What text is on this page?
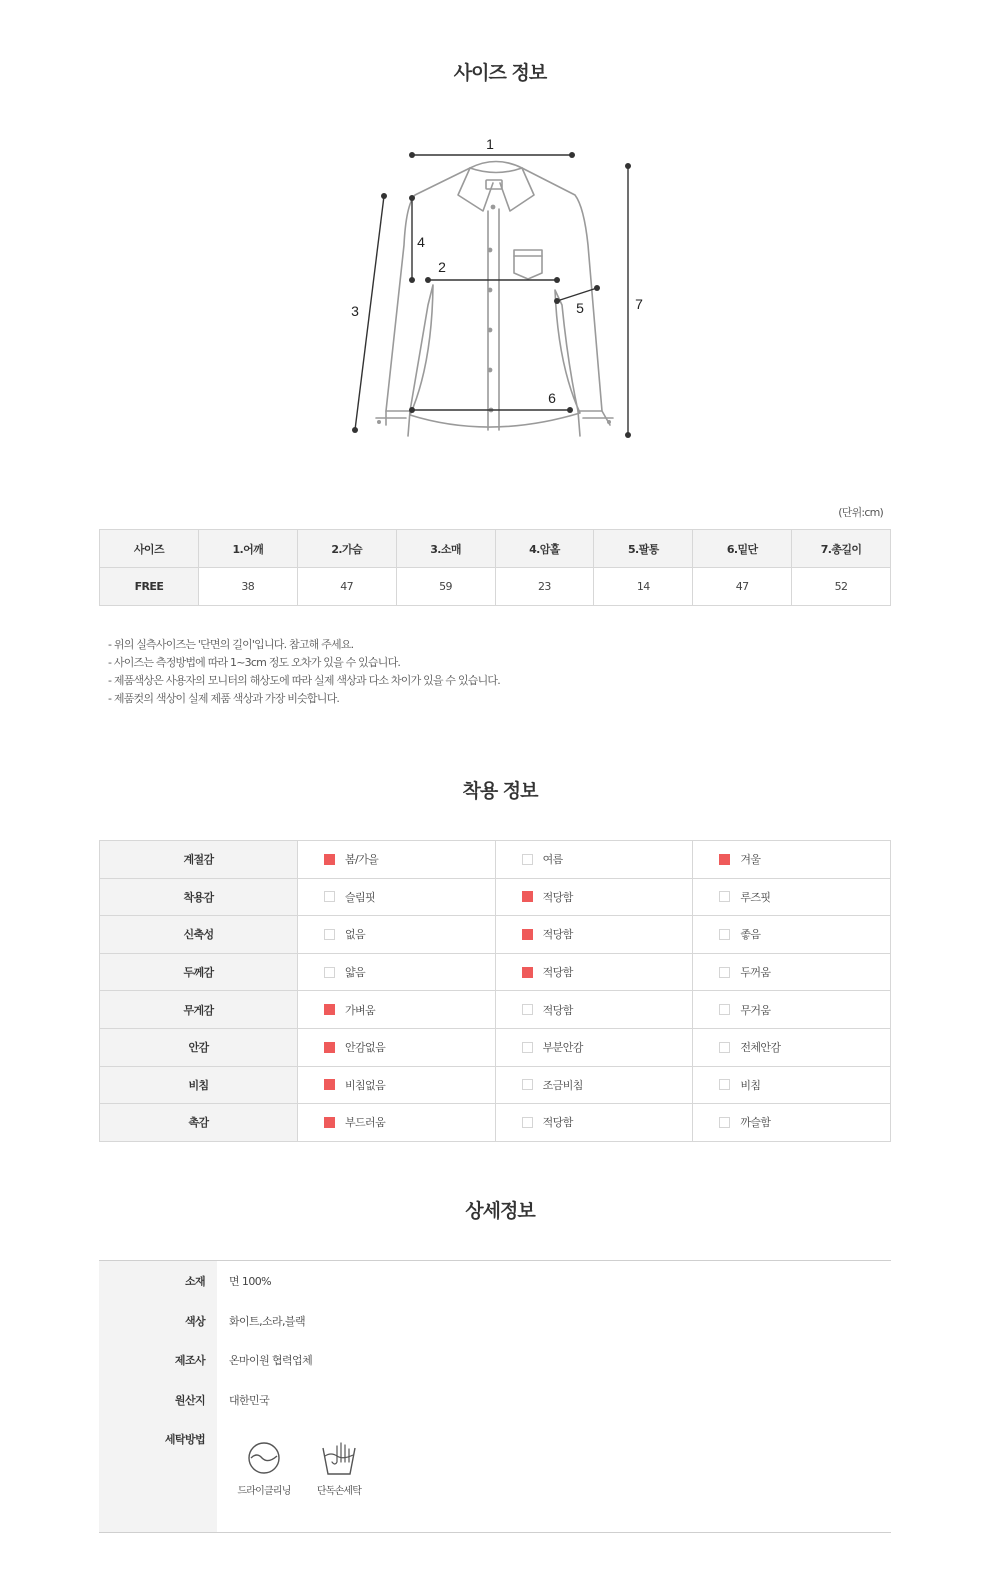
사이즈 정보
1
2
3
4
5
6
7
(단위:cm)
사이즈	1.어깨	2.가슴	3.소매	4.암홀	5.팔통	6.밑단	7.총길이
FREE	38	47	59	23	14	47	52
- 위의 실측사이즈는 '단면의 길이'입니다. 참고해 주세요.
- 사이즈는 측정방법에 따라 1~3cm 정도 오차가 있을 수 있습니다.
- 제품색상은 사용자의 모니터의 해상도에 따라 실제 색상과 다소 차이가 있을 수 있습니다.
- 제품컷의 색상이 실제 제품 색상과 가장 비슷합니다.
착용 정보
계절감	봄/가을	여름	겨울
착용감	슬림핏	적당함	루즈핏
신축성	없음	적당함	좋음
두께감	얇음	적당함	두꺼움
무게감	가벼움	적당함	무거움
안감	안감없음	부분안감	전체안감
비침	비침없음	조금비침	비침
촉감	부드러움	적당함	까슬함
상세정보
소재 면 100%
색상 화이트,소라,블랙
제조사 온마이원 협력업체
원산지 대한민국
세탁방법
드라이클리닝	단독손세탁
